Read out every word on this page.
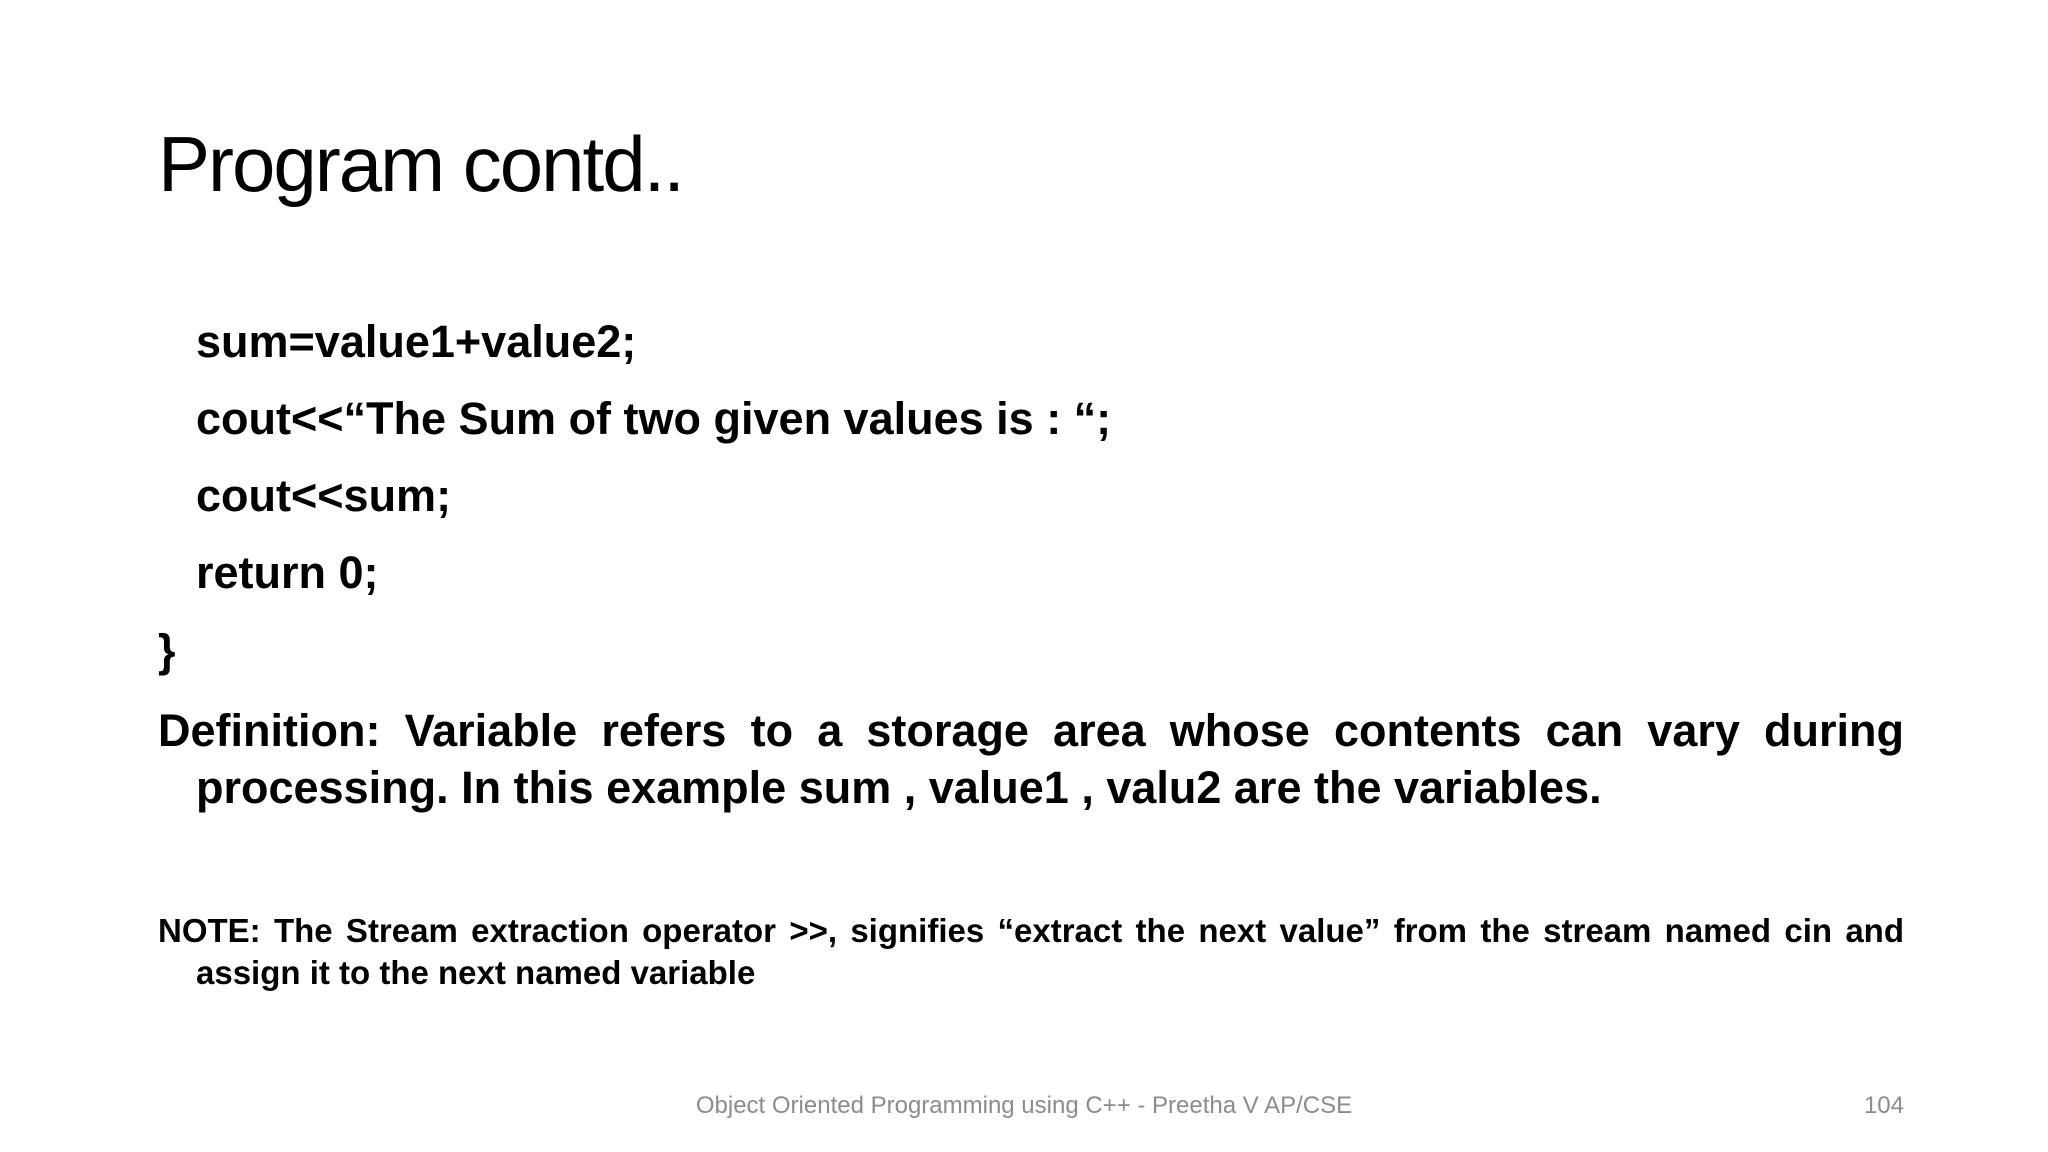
Program contd..
sum=value1+value2;
cout<<“The Sum of two given values is : “;
cout<<sum;
return 0;
}
Definition: Variable refers to a storage area whose contents can vary during processing. In this example sum , value1 , valu2 are the variables.
NOTE: The Stream extraction operator >>, signifies “extract the next value” from the stream named cin and assign it to the next named variable
Object Oriented Programming using C++ - Preetha V AP/CSE	104
